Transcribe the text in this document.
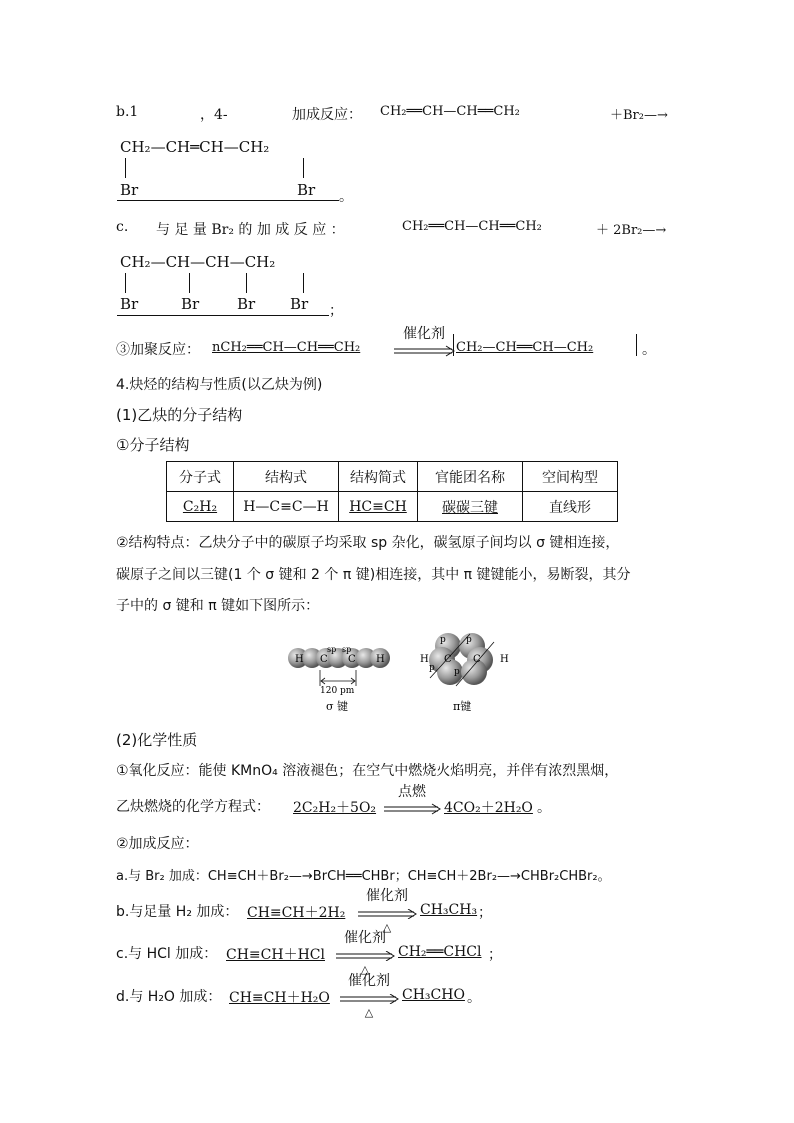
b.1	，4-	加成反应： CH₂══CH—CH══CH₂	＋Br₂—→
CH₂—CH═CH—CH₂
Br	Br 。
c. 与 足 量 Br₂ 的 加 成 反 应 ：	CH₂══CH—CH══CH₂	＋ 2Br₂—→
CH₂—CH—CH—CH₂
Br	Br	Br Br ；
③加聚反应： nCH₂══CH—CH══CH₂
催化剂
CH₂—CH══CH—CH₂	。
4.炔烃的结构与性质(以乙炔为例)
(1)乙炔的分子结构
①分子结构
分子式	结构式	结构简式	官能团名称	空间构型
C₂H₂	H—C≡C—H	HC≡CH	碳碳三键	直线形
②结构特点：乙炔分子中的碳原子均采取 sp 杂化，碳氢原子间均以 σ 键相连接，
碳原子之间以三键(1 个 σ 键和 2 个 π 键)相连接，其中 π 键键能小，易断裂，其分
子中的 σ 键和 π 键如下图所示：
H C C H
sp sp
120 pm
σ 键
H C C H
p p
p p
π键
(2)化学性质
①氧化反应：能使 KMnO₄ 溶液褪色；在空气中燃烧火焰明亮，并伴有浓烈黑烟，
乙炔燃烧的化学方程式： 2C₂H₂＋5O₂
点燃
4CO₂＋2H₂O 。
②加成反应：
a.与 Br₂ 加成：CH≡CH＋Br₂—→BrCH══CHBr；CH≡CH＋2Br₂—→CHBr₂CHBr₂。
b.与足量 H₂ 加成： CH≡CH＋2H₂
催化剂
△
CH₃CH₃ ；
c.与 HCl 加成： CH≡CH＋HCl
催化剂
△
CH₂══CHCl ；
d.与 H₂O 加成： CH≡CH＋H₂O
催化剂
△
CH₃CHO 。
